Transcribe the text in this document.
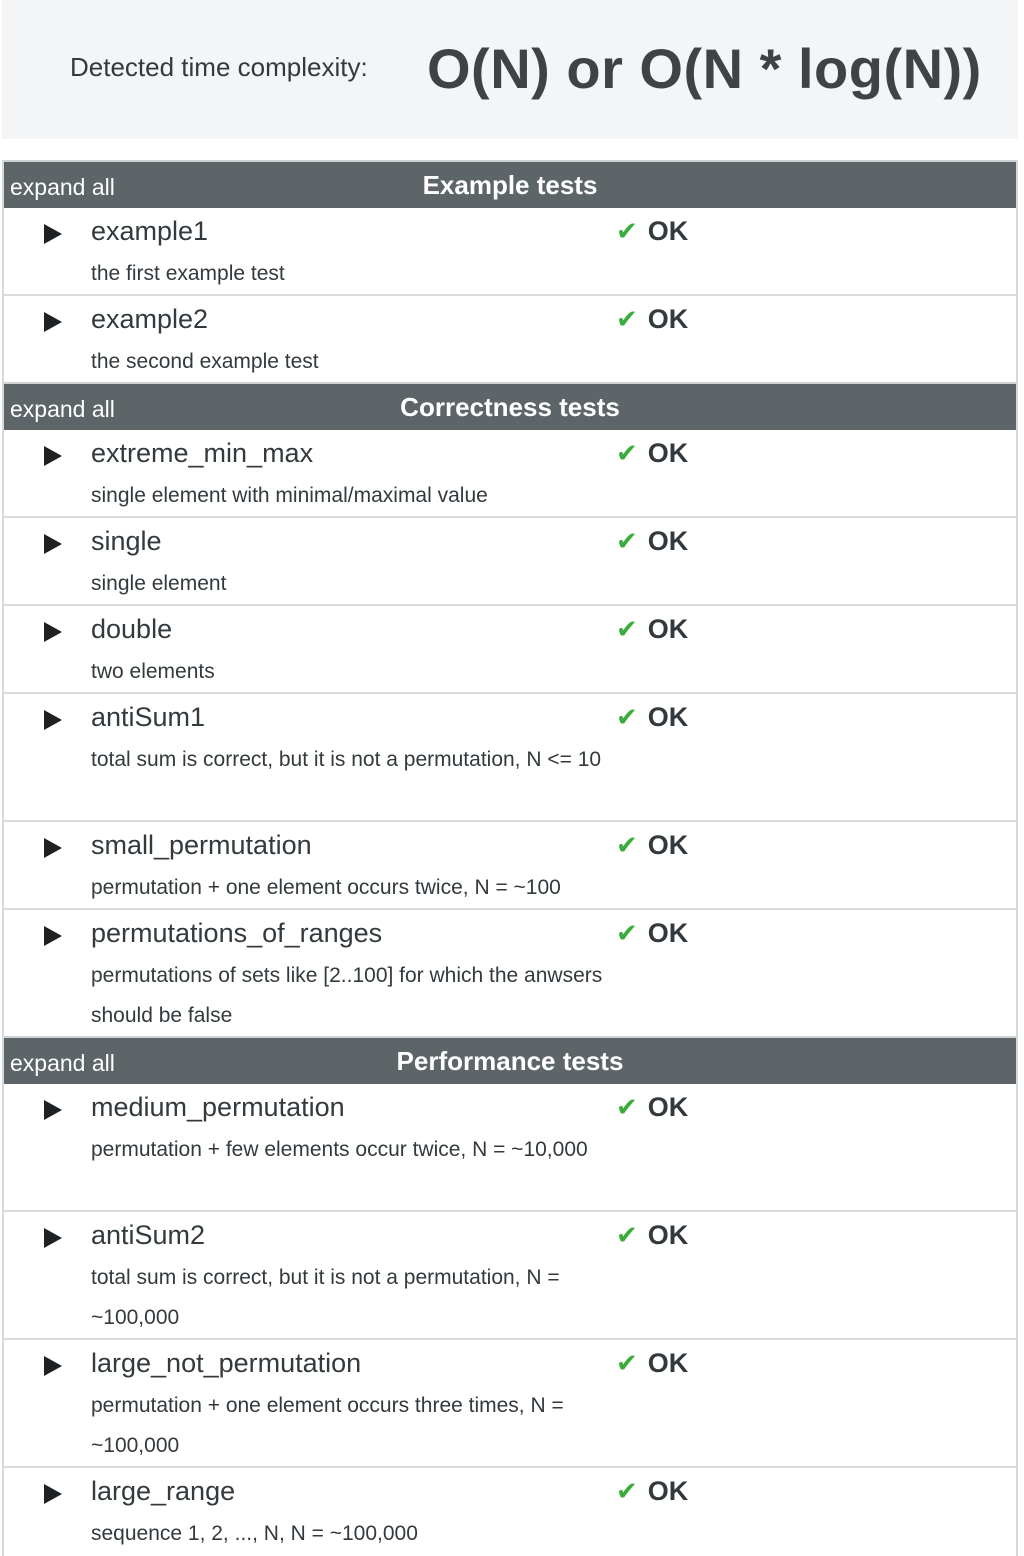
Detected time complexity: O(N) or O(N * log(N))
expand all	Example tests
example1
the first example test
✔ OK
example2
the second example test
✔ OK
expand all	Correctness tests
extreme_min_max
single element with minimal/maximal value
✔ OK
single
single element
✔ OK
double
two elements
✔ OK
antiSum1
total sum is correct, but it is not a permutation, N <= 10
✔ OK
small_permutation
permutation + one element occurs twice, N = ~100
✔ OK
permutations_of_ranges
permutations of sets like [2..100] for which the anwsers should be false
✔ OK
expand all	Performance tests
medium_permutation
permutation + few elements occur twice, N = ~10,000
✔ OK
antiSum2
total sum is correct, but it is not a permutation, N = ~100,000
✔ OK
large_not_permutation
permutation + one element occurs three times, N = ~100,000
✔ OK
large_range
sequence 1, 2, ..., N, N = ~100,000
✔ OK
